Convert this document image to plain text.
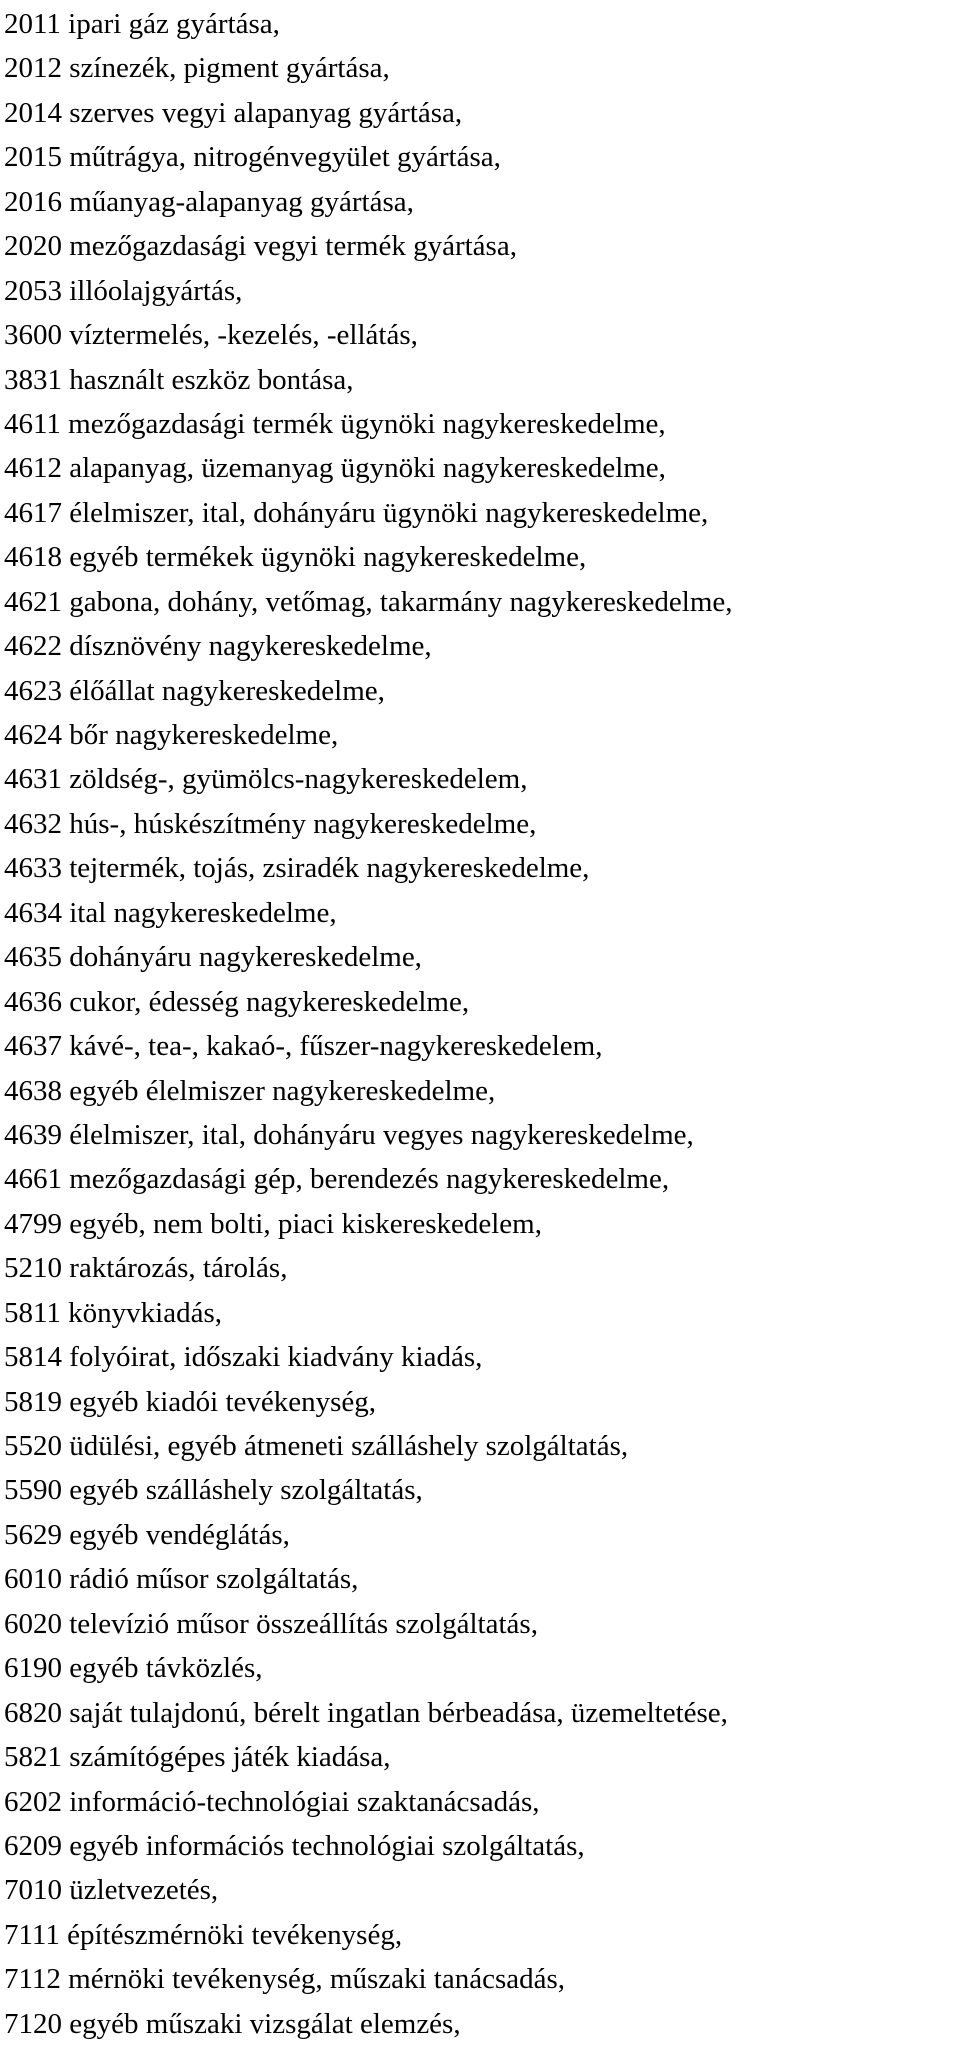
2011 ipari gáz gyártása,
2012 színezék, pigment gyártása,
2014 szerves vegyi alapanyag gyártása,
2015 műtrágya, nitrogénvegyület gyártása,
2016 műanyag-alapanyag gyártása,
2020 mezőgazdasági vegyi termék gyártása,
2053 illóolajgyártás,
3600 víztermelés, -kezelés, -ellátás,
3831 használt eszköz bontása,
4611 mezőgazdasági termék ügynöki nagykereskedelme,
4612 alapanyag, üzemanyag ügynöki nagykereskedelme,
4617 élelmiszer, ital, dohányáru ügynöki nagykereskedelme,
4618 egyéb termékek ügynöki nagykereskedelme,
4621 gabona, dohány, vetőmag, takarmány nagykereskedelme,
4622 dísznövény nagykereskedelme,
4623 élőállat nagykereskedelme,
4624 bőr nagykereskedelme,
4631 zöldség-, gyümölcs-nagykereskedelem,
4632 hús-, húskészítmény nagykereskedelme,
4633 tejtermék, tojás, zsiradék nagykereskedelme,
4634 ital nagykereskedelme,
4635 dohányáru nagykereskedelme,
4636 cukor, édesség nagykereskedelme,
4637 kávé-, tea-, kakaó-, fűszer-nagykereskedelem,
4638 egyéb élelmiszer nagykereskedelme,
4639 élelmiszer, ital, dohányáru vegyes nagykereskedelme,
4661 mezőgazdasági gép, berendezés nagykereskedelme,
4799 egyéb, nem bolti, piaci kiskereskedelem,
5210 raktározás, tárolás,
5811 könyvkiadás,
5814 folyóirat, időszaki kiadvány kiadás,
5819 egyéb kiadói tevékenység,
5520 üdülési, egyéb átmeneti szálláshely szolgáltatás,
5590 egyéb szálláshely szolgáltatás,
5629 egyéb vendéglátás,
6010 rádió műsor szolgáltatás,
6020 televízió műsor összeállítás szolgáltatás,
6190 egyéb távközlés,
6820 saját tulajdonú, bérelt ingatlan bérbeadása, üzemeltetése,
5821 számítógépes játék kiadása,
6202 információ-technológiai szaktanácsadás,
6209 egyéb információs technológiai szolgáltatás,
7010 üzletvezetés,
7111 építészmérnöki tevékenység,
7112 mérnöki tevékenység, műszaki tanácsadás,
7120 egyéb műszaki vizsgálat elemzés,
